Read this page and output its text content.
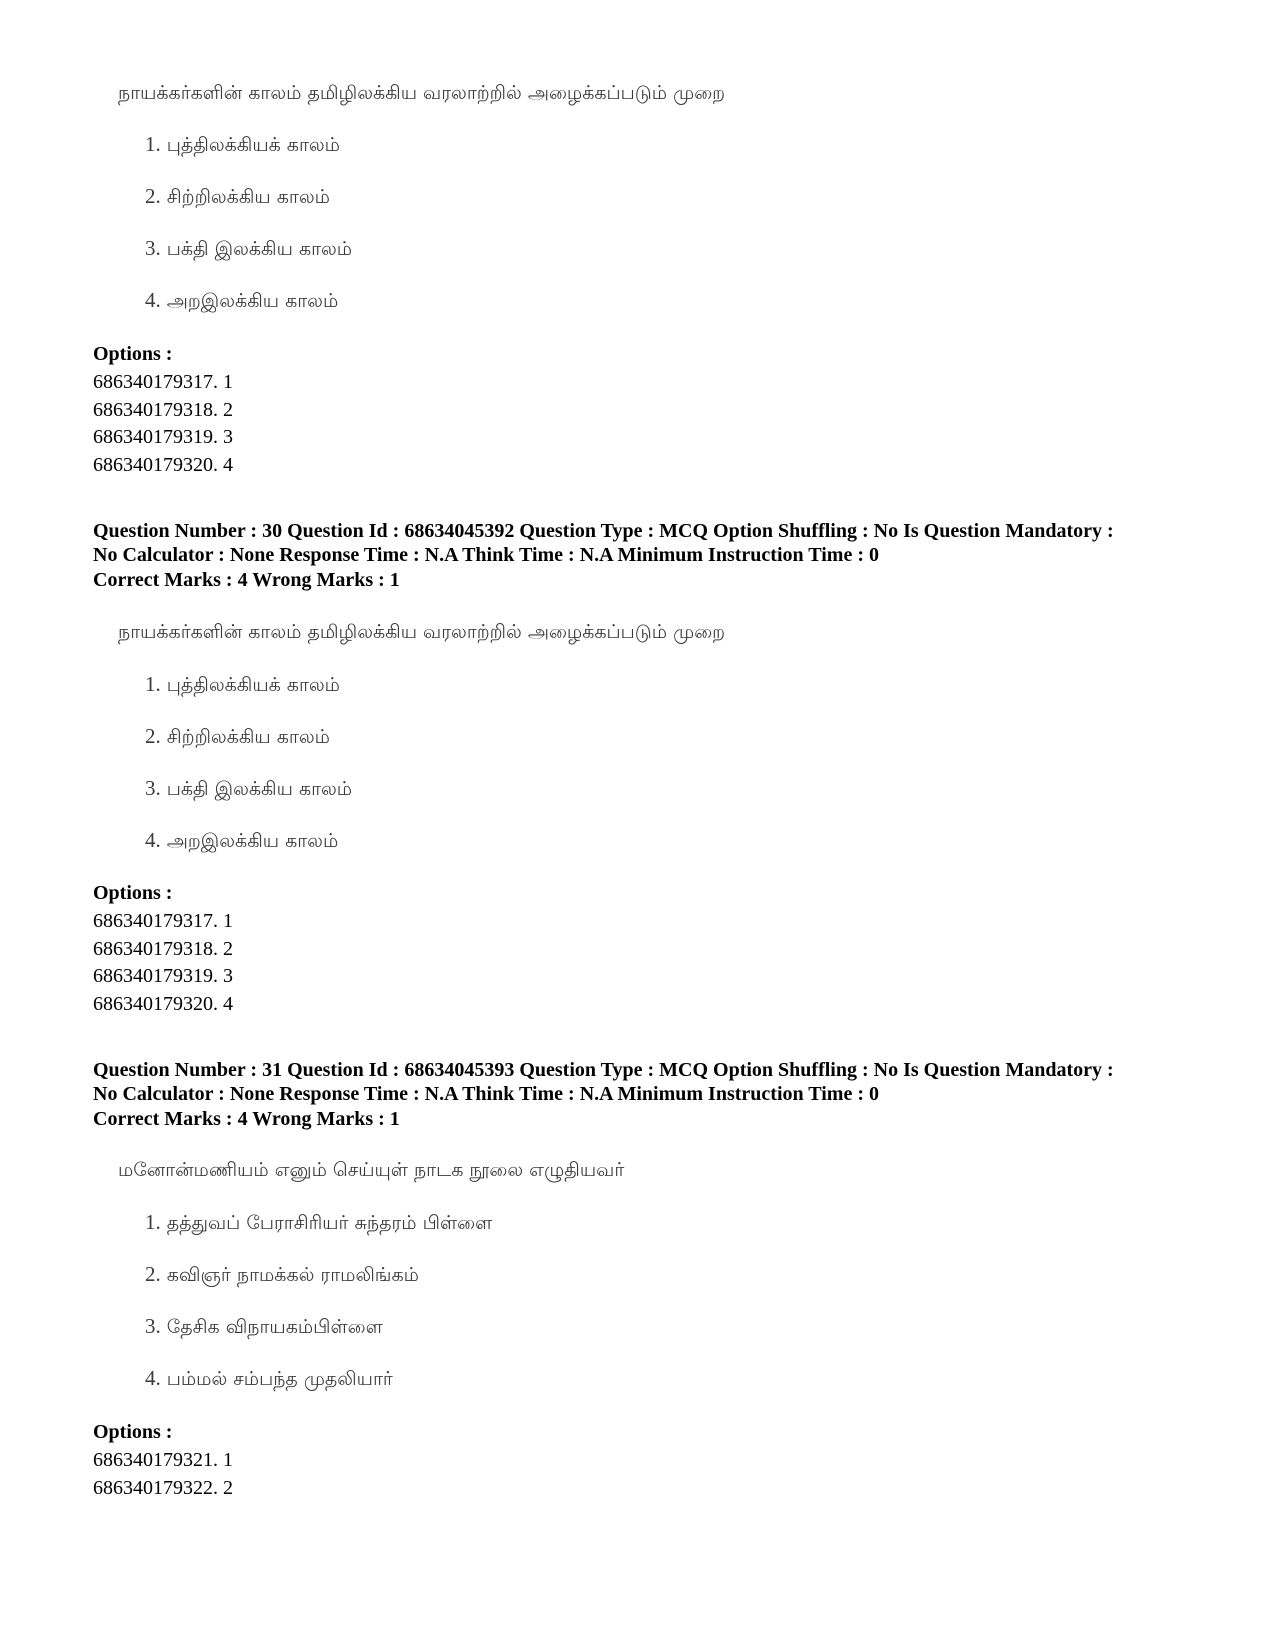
நாயக்கர்களின் காலம் தமிழிலக்கிய வரலாற்றில் அழைக்கப்படும் முறை
1. புத்திலக்கியக் காலம்
2. சிற்றிலக்கிய காலம்
3. பக்தி இலக்கிய காலம்
4. அறஇலக்கிய காலம்
Options :
686340179317. 1
686340179318. 2
686340179319. 3
686340179320. 4
Question Number : 30 Question Id : 68634045392 Question Type : MCQ Option Shuffling : No Is Question Mandatory :
No Calculator : None Response Time : N.A Think Time : N.A Minimum Instruction Time : 0
Correct Marks : 4 Wrong Marks : 1
நாயக்கர்களின் காலம் தமிழிலக்கிய வரலாற்றில் அழைக்கப்படும் முறை
1. புத்திலக்கியக் காலம்
2. சிற்றிலக்கிய காலம்
3. பக்தி இலக்கிய காலம்
4. அறஇலக்கிய காலம்
Options :
686340179317. 1
686340179318. 2
686340179319. 3
686340179320. 4
Question Number : 31 Question Id : 68634045393 Question Type : MCQ Option Shuffling : No Is Question Mandatory :
No Calculator : None Response Time : N.A Think Time : N.A Minimum Instruction Time : 0
Correct Marks : 4 Wrong Marks : 1
மனோன்மணியம் எனும் செய்யுள் நாடக நூலை எழுதியவர்
1. தத்துவப் பேராசிரியர் சுந்தரம் பிள்ளை
2. கவிஞர் நாமக்கல் ராமலிங்கம்
3. தேசிக விநாயகம்பிள்ளை
4. பம்மல் சம்பந்த முதலியார்
Options :
686340179321. 1
686340179322. 2
